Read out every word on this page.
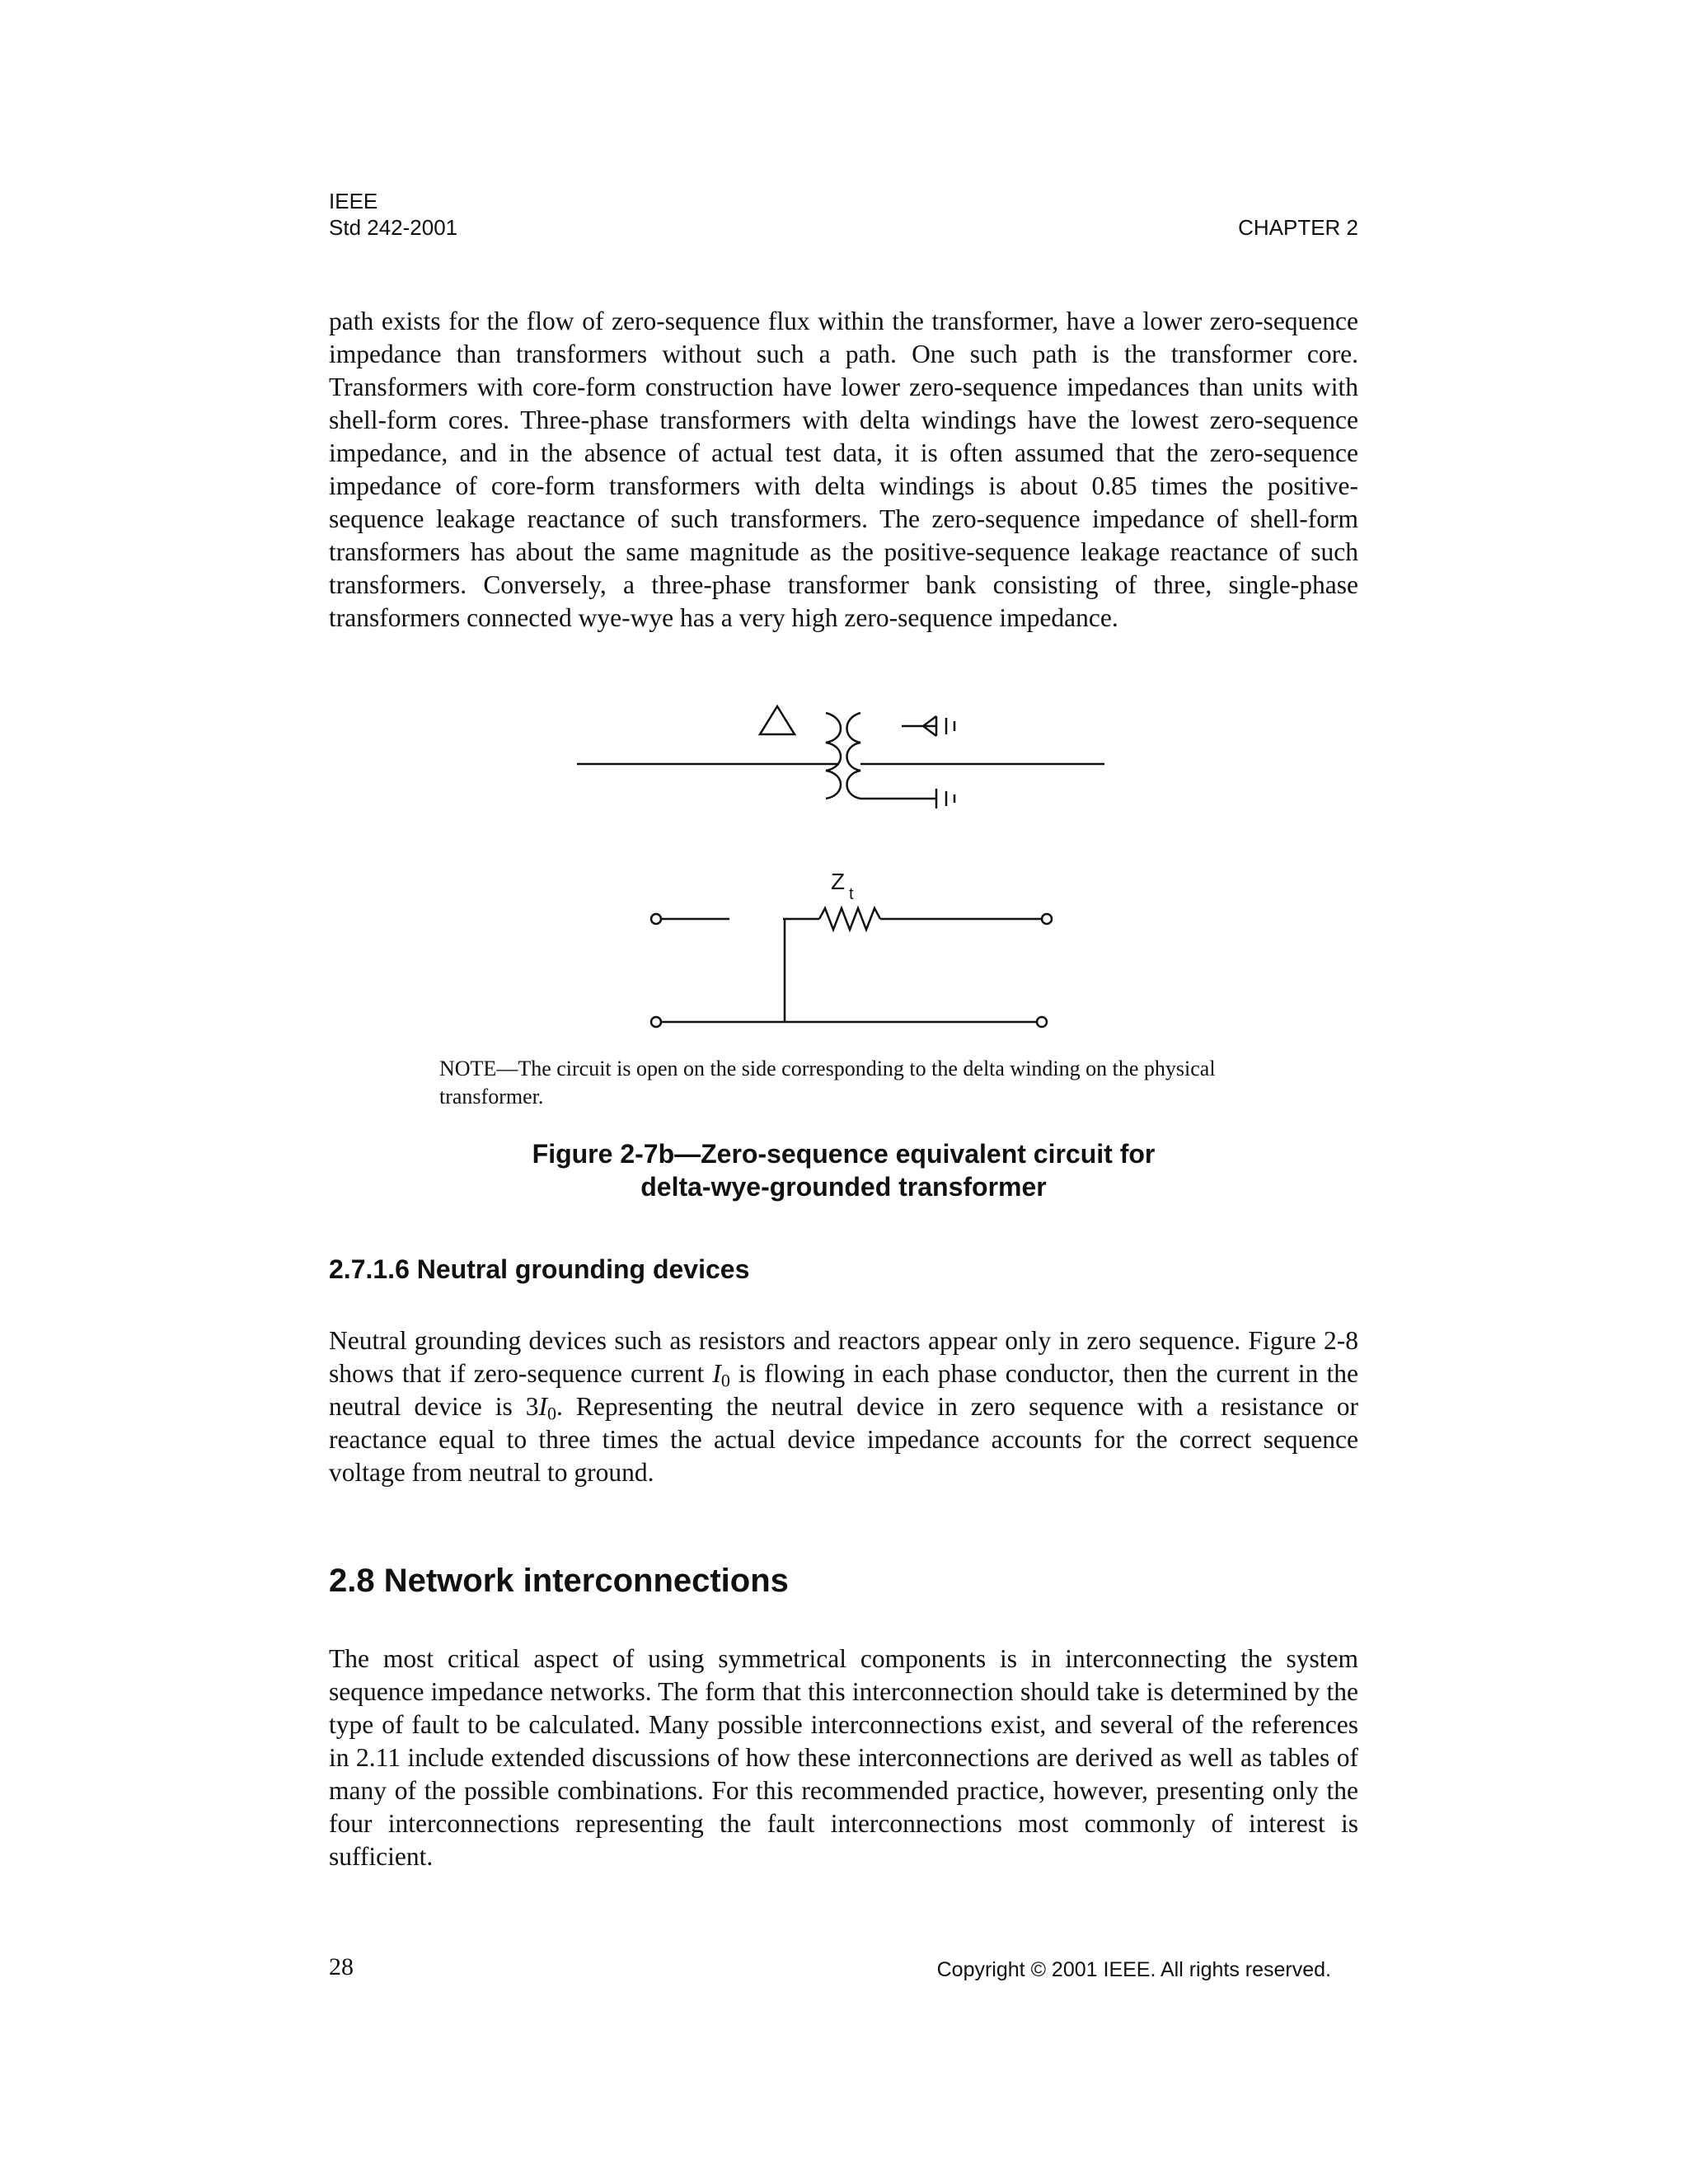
IEEE
Std 242-2001	CHAPTER 2

path exists for the flow of zero-sequence flux within the transformer, have a lower zero-sequence impedance than transformers without such a path. One such path is the transformer core. Transformers with core-form construction have lower zero-sequence impedances than units with shell-form cores. Three-phase transformers with delta windings have the lowest zero-sequence impedance, and in the absence of actual test data, it is often assumed that the zero-sequence impedance of core-form transformers with delta windings is about 0.85 times the positive-sequence leakage reactance of such transformers. The zero-sequence impedance of shell-form transformers has about the same magnitude as the positive-sequence leakage reactance of such transformers. Conversely, a three-phase transformer bank consisting of three, single-phase transformers connected wye-wye has a very high zero-sequence impedance.

Z t

NOTE—The circuit is open on the side corresponding to the delta winding on the physical transformer.

Figure 2-7b—Zero-sequence equivalent circuit for
delta-wye-grounded transformer

2.7.1.6 Neutral grounding devices

Neutral grounding devices such as resistors and reactors appear only in zero sequence. Figure 2-8 shows that if zero-sequence current $I_0$ is flowing in each phase conductor, then the current in the neutral device is $3I_0$. Representing the neutral device in zero sequence with a resistance or reactance equal to three times the actual device impedance accounts for the correct sequence voltage from neutral to ground.

2.8 Network interconnections

The most critical aspect of using symmetrical components is in interconnecting the system sequence impedance networks. The form that this interconnection should take is determined by the type of fault to be calculated. Many possible interconnections exist, and several of the references in 2.11 include extended discussions of how these interconnections are derived as well as tables of many of the possible combinations. For this recommended practice, however, presenting only the four interconnections representing the fault interconnections most commonly of interest is sufficient.

28	Copyright © 2001 IEEE. All rights reserved.
